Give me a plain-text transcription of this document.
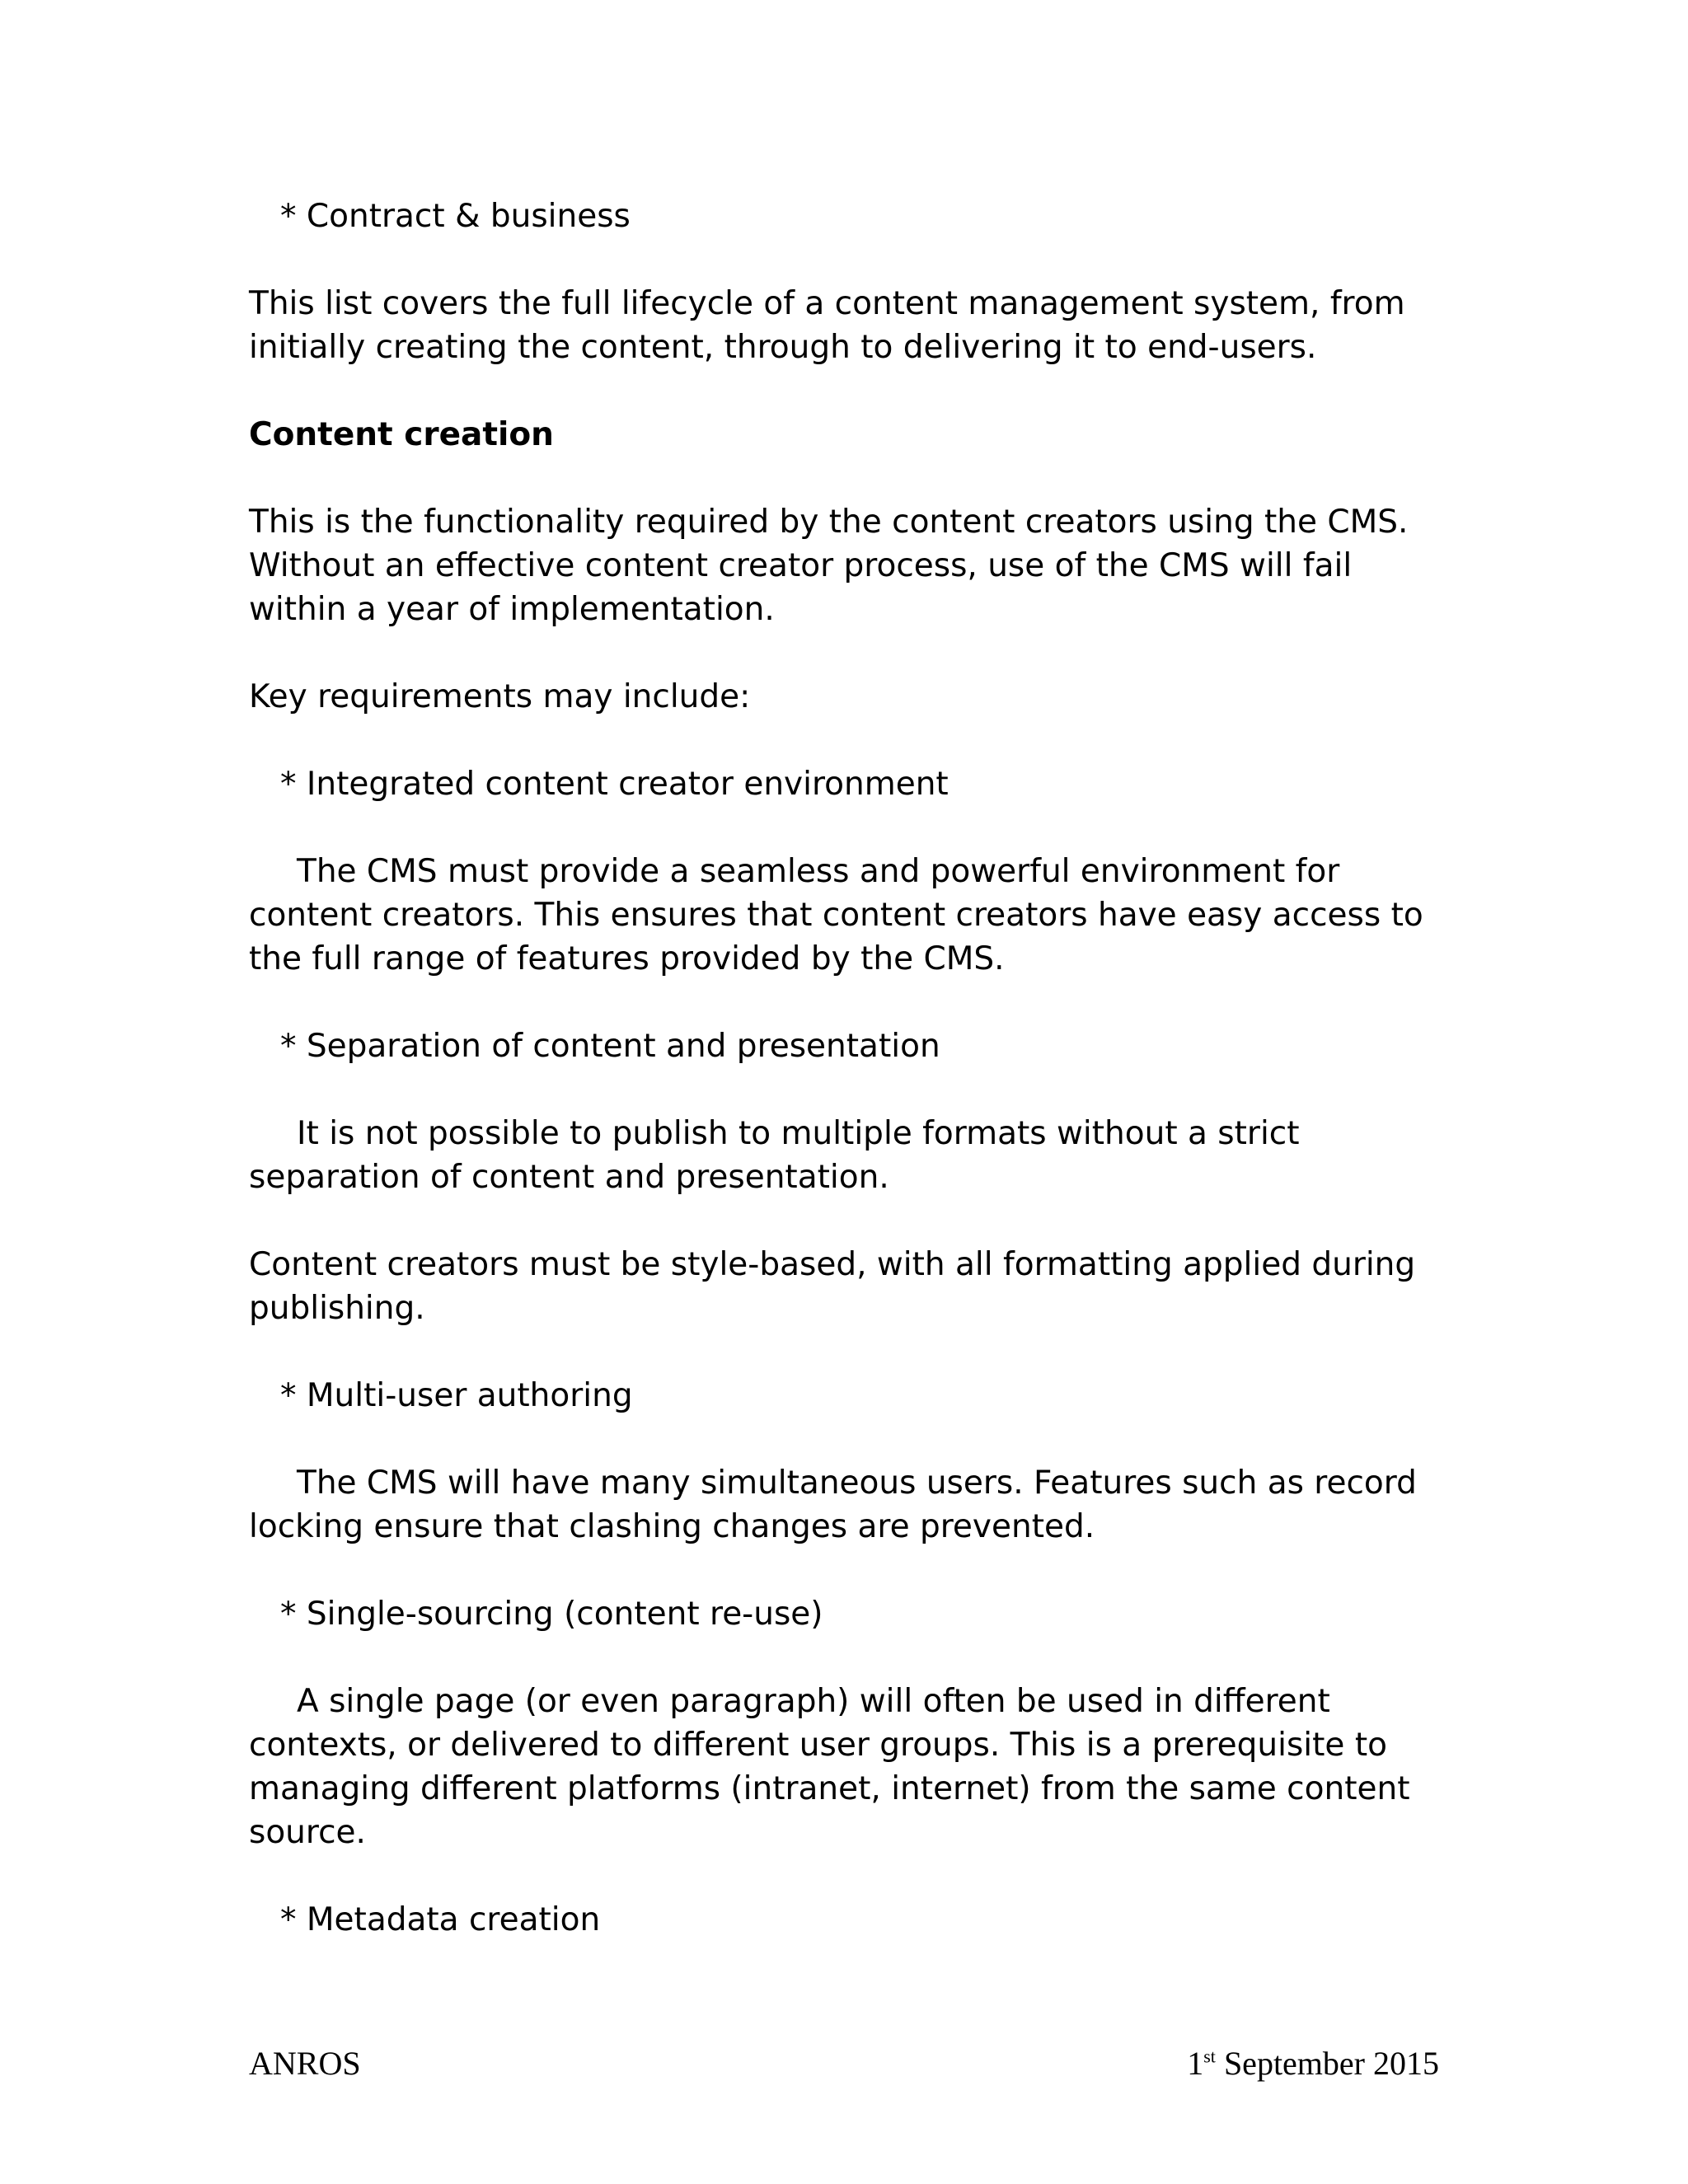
* Contract & business

This list covers the full lifecycle of a content management system, from initially creating the content, through to delivering it to end-users.

Content creation

This is the functionality required by the content creators using the CMS. Without an effective content creator process, use of the CMS will fail within a year of implementation.

Key requirements may include:

* Integrated content creator environment

The CMS must provide a seamless and powerful environment for content creators. This ensures that content creators have easy access to the full range of features provided by the CMS.

* Separation of content and presentation

It is not possible to publish to multiple formats without a strict separation of content and presentation.

Content creators must be style-based, with all formatting applied during publishing.

* Multi-user authoring

The CMS will have many simultaneous users. Features such as record locking ensure that clashing changes are prevented.

* Single-sourcing (content re-use)

A single page (or even paragraph) will often be used in different contexts, or delivered to different user groups. This is a prerequisite to managing different platforms (intranet, internet) from the same content source.

* Metadata creation

ANROS	1st September 2015
